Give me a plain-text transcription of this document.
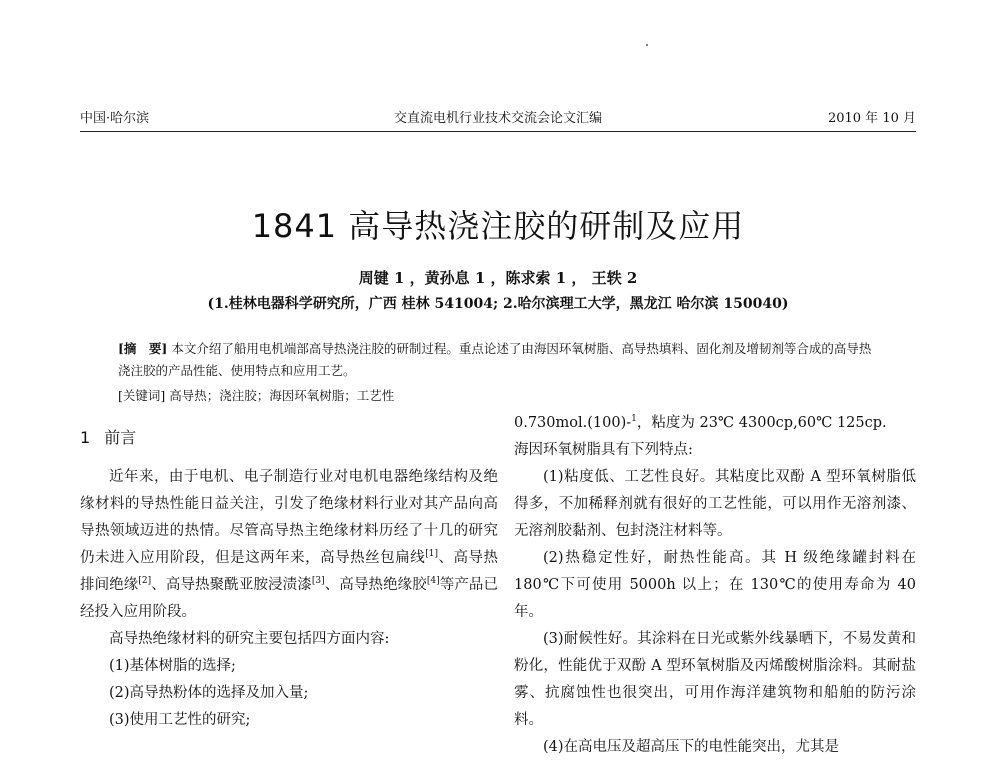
中国·哈尔滨	交直流电机行业技术交流会论文汇编	2010 年 10 月
1841 高导热浇注胶的研制及应用
周键 1 ，黄孙息 1 ，陈求索 1 ， 王轶 2
(1.桂林电器科学研究所，广西 桂林 541004; 2.哈尔滨理工大学，黑龙江 哈尔滨 150040)
[摘　要] 本文介绍了船用电机端部高导热浇注胶的研制过程。重点论述了由海因环氧树脂、高导热填料、固化剂及增韧剂等合成的高导热浇注胶的产品性能、使用特点和应用工艺。
[关键词] 高导热；浇注胶；海因环氧树脂；工艺性
1 前言

近年来，由于电机、电子制造行业对电机电器绝缘结构及绝缘材料的导热性能日益关注，引发了绝缘材料行业对其产品向高导热领域迈进的热情。尽管高导热主绝缘材料历经了十几的研究仍未进入应用阶段，但是这两年来，高导热丝包扁线[1]、高导热排间绝缘[2]、高导热聚酰亚胺浸渍漆[3]、高导热绝缘胶[4]等产品已经投入应用阶段。

高导热绝缘材料的研究主要包括四方面内容:

(1)基体树脂的选择;

(2)高导热粉体的选择及加入量;

(3)使用工艺性的研究;

0.730mol.(100)-$^1$，粘度为 23℃ 4300cp,60℃ 125cp.

海因环氧树脂具有下列特点:

(1)粘度低、工艺性良好。其粘度比双酚 A 型环氧树脂低得多，不加稀释剂就有很好的工艺性能，可以用作无溶剂漆、无溶剂胶黏剂、包封浇注材料等。

(2)热稳定性好，耐热性能高。其 H 级绝缘罐封料在 180℃下可使用 5000h 以上；在 130℃的使用寿命为 40 年。

(3)耐候性好。其涂料在日光或紫外线暴晒下，不易发黄和粉化，性能优于双酚 A 型环氧树脂及丙烯酸树脂涂料。其耐盐雾、抗腐蚀性也很突出，可用作海洋建筑物和船舶的防污涂料。

(4)在高电压及超高压下的电性能突出，尤其是
